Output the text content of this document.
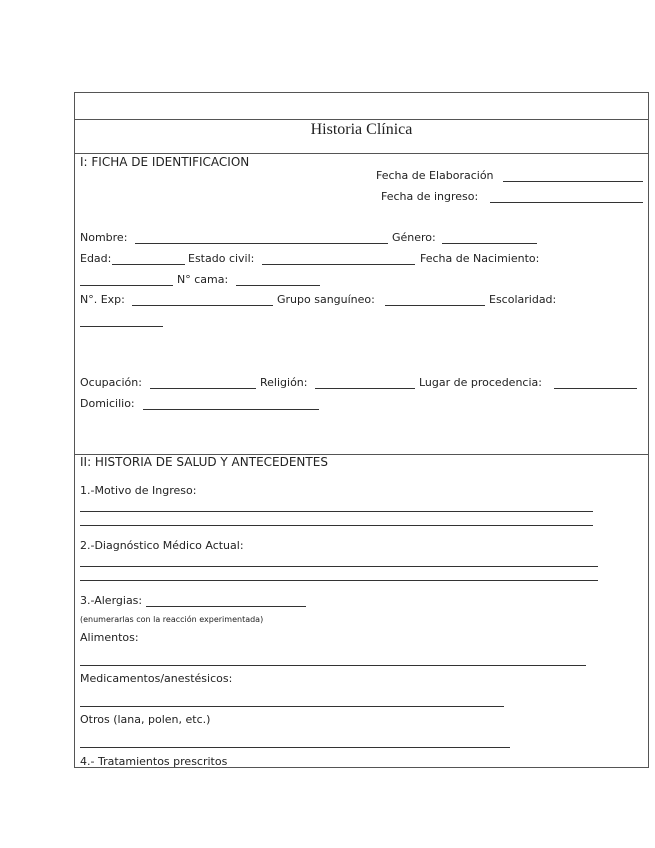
Historia Clínica
I: FICHA DE IDENTIFICACION
Fecha de Elaboración
Fecha de ingreso:
Nombre:	Género:
Edad:	Estado civil:	Fecha de Nacimiento:
N° cama:
N°. Exp:	Grupo sanguíneo:	Escolaridad:
Ocupación:	Religión:	Lugar de procedencia:
Domicilio:
II: HISTORIA DE SALUD Y ANTECEDENTES
1.-Motivo de Ingreso:
2.-Diagnóstico Médico Actual:
3.-Alergias:
(enumerarlas con la reacción experimentada)
Alimentos:
Medicamentos/anestésicos:
Otros (lana, polen, etc.)
4.- Tratamientos prescritos
